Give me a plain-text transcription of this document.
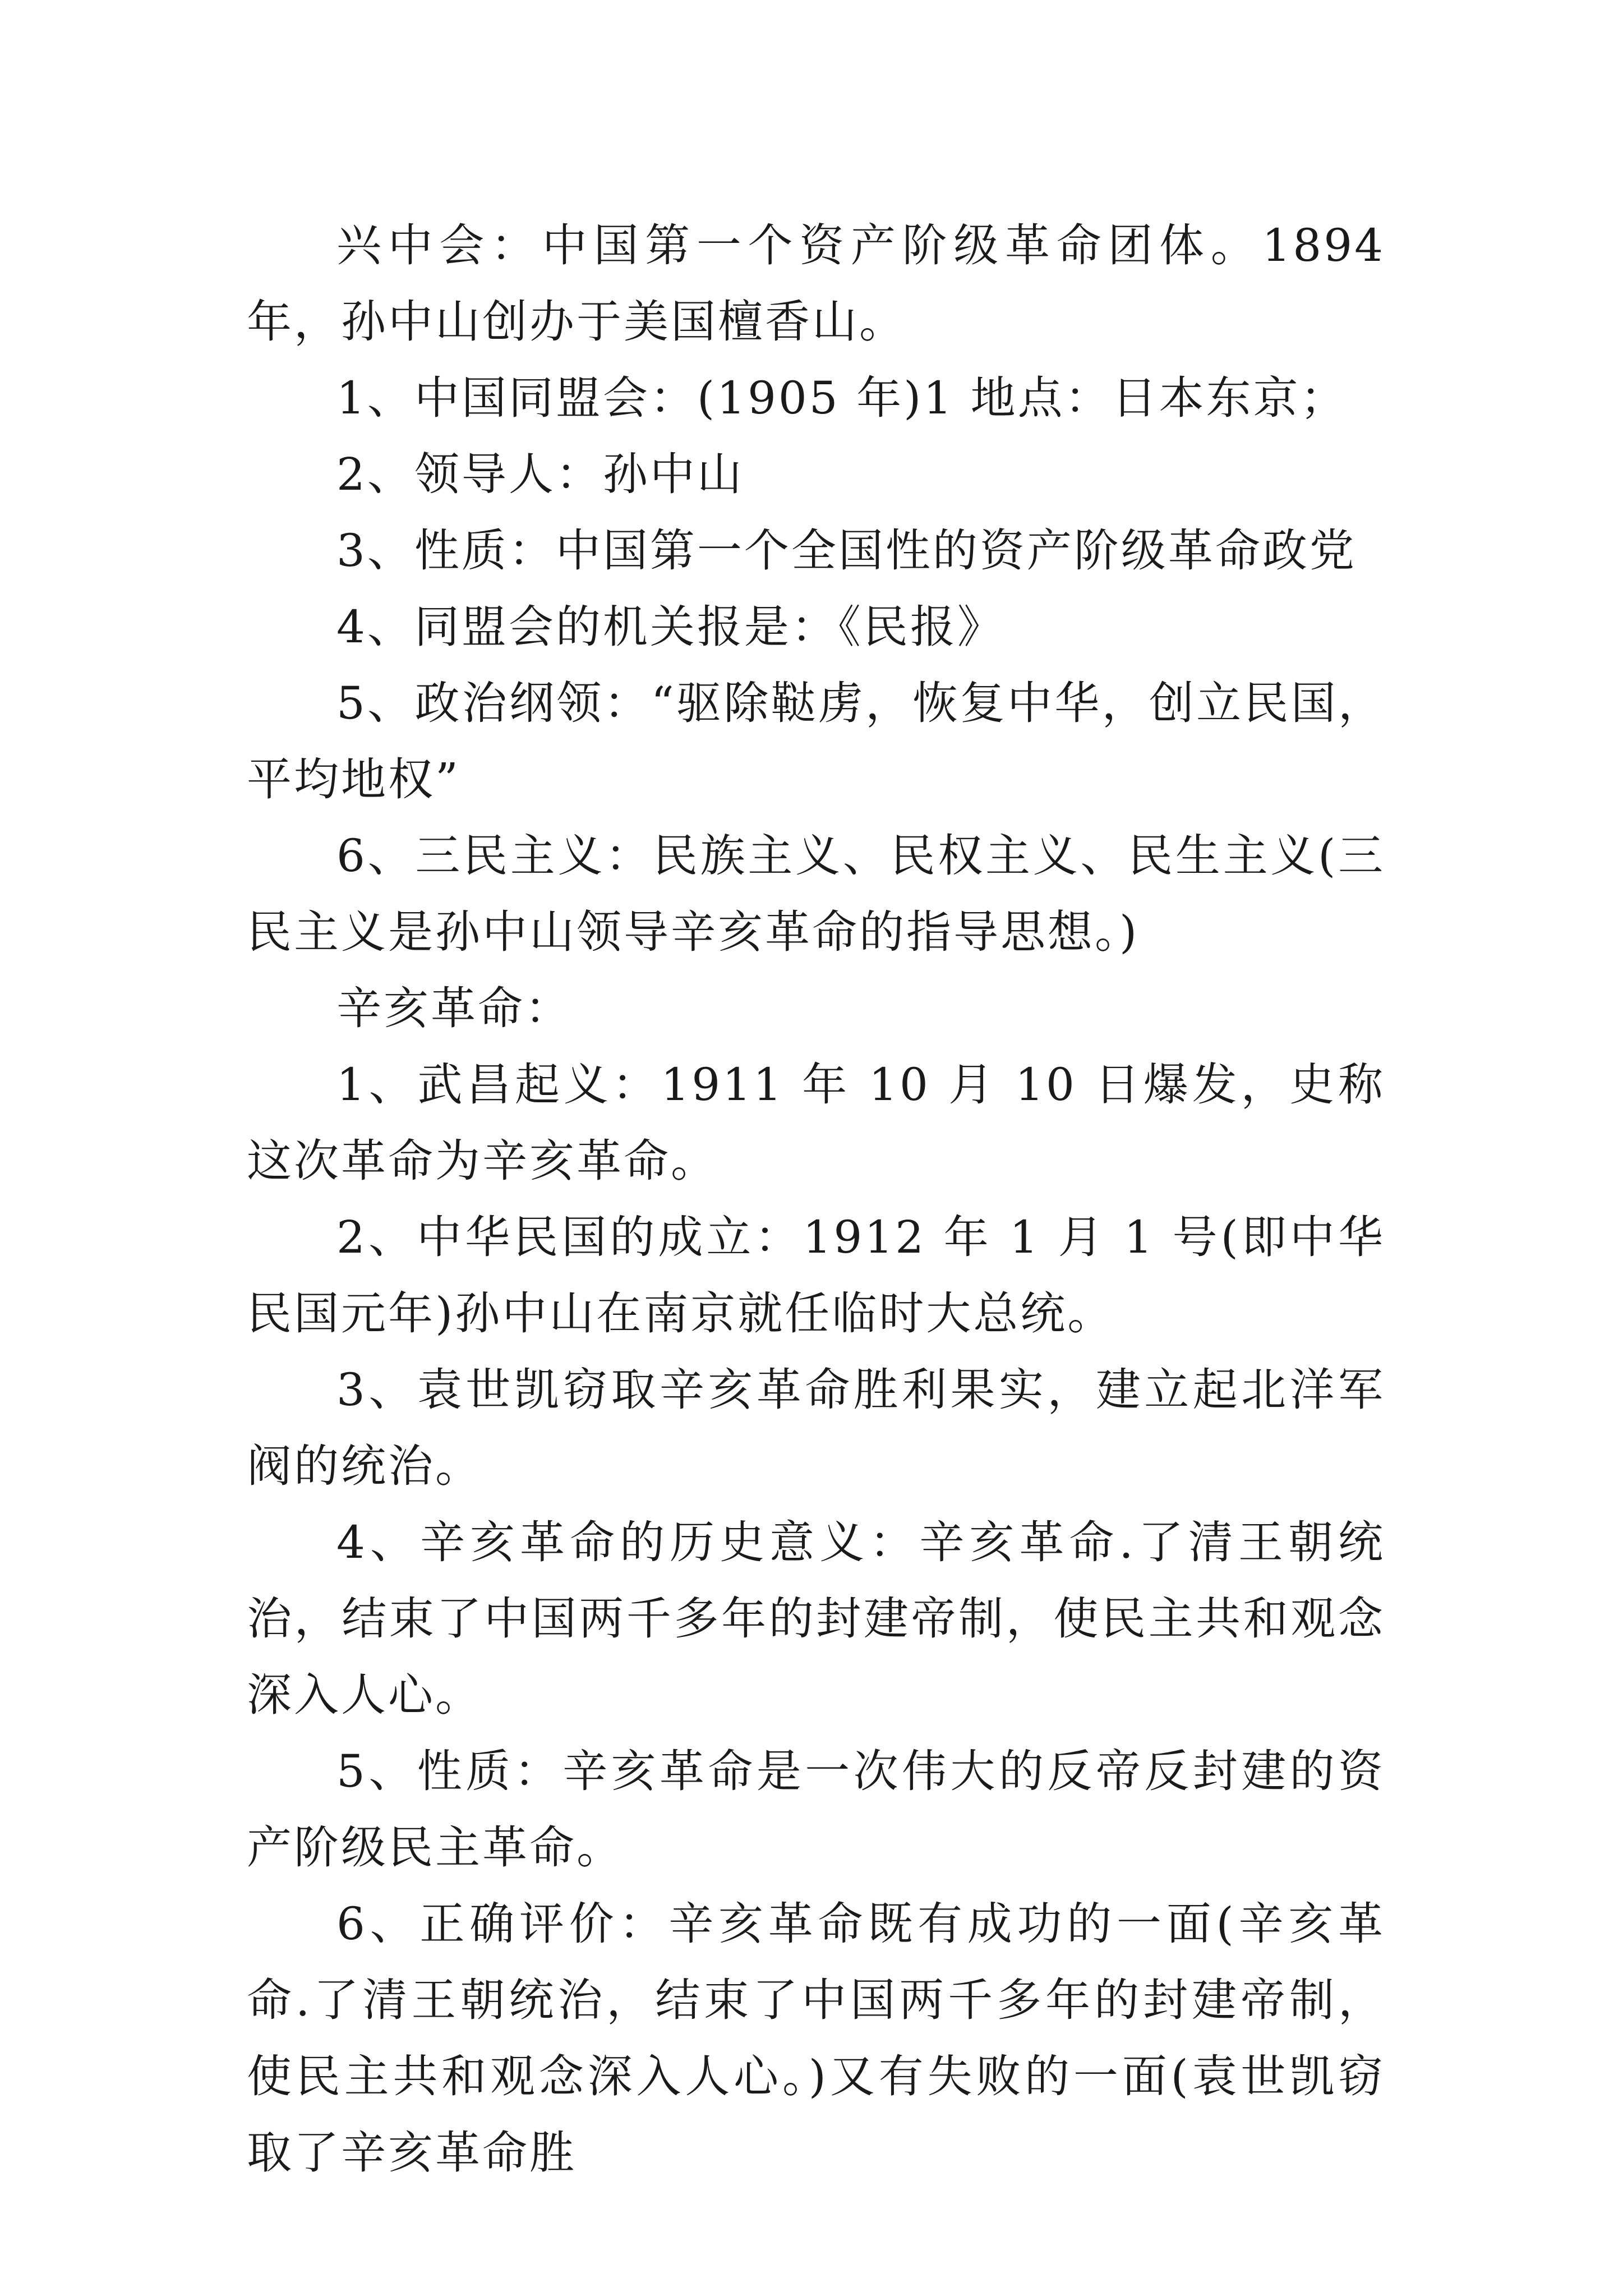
兴中会：中国第一个资产阶级革命团体。1894 年，孙中山创办于美国檀香山。

1、中国同盟会：(1905 年)1 地点：日本东京；

2、领导人：孙中山

3、性质：中国第一个全国性的资产阶级革命政党

4、同盟会的机关报是：《民报》

5、政治纲领：“驱除鞑虏，恢复中华，创立民国，平均地权”

6、三民主义：民族主义、民权主义、民生主义(三民主义是孙中山领导辛亥革命的指导思想。)

辛亥革命：

1、武昌起义：1911 年 10 月 10 日爆发，史称这次革命为辛亥革命。

2、中华民国的成立：1912 年 1 月 1 号(即中华民国元年)孙中山在南京就任临时大总统。

3、袁世凯窃取辛亥革命胜利果实，建立起北洋军阀的统治。

4、辛亥革命的历史意义：辛亥革命.了清王朝统治，结束了中国两千多年的封建帝制，使民主共和观念深入人心。

5、性质：辛亥革命是一次伟大的反帝反封建的资产阶级民主革命。

6、正确评价：辛亥革命既有成功的一面(辛亥革命.了清王朝统治，结束了中国两千多年的封建帝制，使民主共和观念深入人心。)又有失败的一面(袁世凯窃取了辛亥革命胜
